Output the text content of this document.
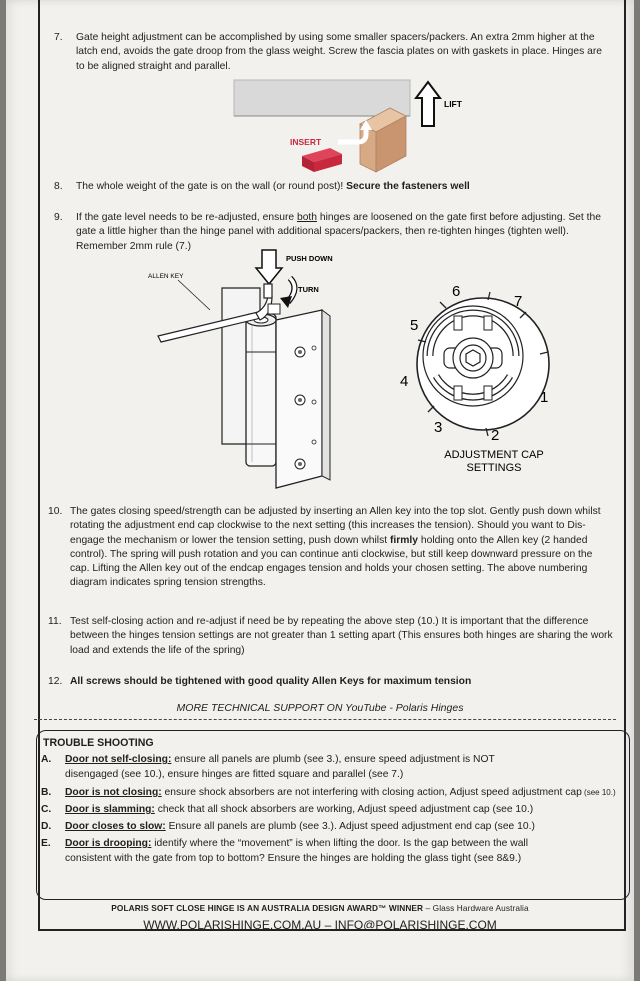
7. Gate height adjustment can be accomplished by using some smaller spacers/packers. An extra 2mm higher at the latch end, avoids the gate droop from the glass weight. Screw the fascia plates on with gaskets in place. Hinges are to be aligned straight and parallel.
LIFT
INSERT
8. The whole weight of the gate is on the wall (or round post)! Secure the fasteners well
9. If the gate level needs to be re-adjusted, ensure both hinges are loosened on the gate first before adjusting. Set the gate a little higher than the hinge panel with additional spacers/packers, then re-tighten hinges (tighten well). Remember 2mm rule (7.)
PUSH DOWN
TURN
ALLEN KEY
1
2
3
4
5
6
7
ADJUSTMENT CAP
SETTINGS
10. The gates closing speed/strength can be adjusted by inserting an Allen key into the top slot. Gently push down whilst rotating the adjustment end cap clockwise to the next setting (this increases the tension). Should you want to Dis-engage the mechanism or lower the tension setting, push down whilst firmly holding onto the Allen key (2 handed control). The spring will push rotation and you can continue anti clockwise, but still keep downward pressure on the cap. Lifting the Allen key out of the endcap engages tension and holds your chosen setting. The above numbering diagram indicates spring tension strengths.
11. Test self-closing action and re-adjust if need be by repeating the above step (10.) It is important that the difference between the hinges tension settings are not greater than 1 setting apart (This ensures both hinges are sharing the work load and extends the life of the spring)
12. All screws should be tightened with good quality Allen Keys for maximum tension
MORE TECHNICAL SUPPORT ON YouTube - Polaris Hinges
TROUBLE SHOOTING
A. Door not self-closing: ensure all panels are plumb (see 3.), ensure speed adjustment is NOT
disengaged (see 10.), ensure hinges are fitted square and parallel (see 7.)
B. Door is not closing: ensure shock absorbers are not interfering with closing action, Adjust speed adjustment cap (see 10.)
C. Door is slamming: check that all shock absorbers are working, Adjust speed adjustment cap (see 10.)
D. Door closes to slow: Ensure all panels are plumb (see 3.). Adjust speed adjustment end cap (see 10.)
E. Door is drooping: identify where the “movement” is when lifting the door. Is the gap between the wall
consistent with the gate from top to bottom? Ensure the hinges are holding the glass tight (see 8&9.)
POLARIS SOFT CLOSE HINGE IS AN AUSTRALIA DESIGN AWARD™ WINNER – Glass Hardware Australia
WWW.POLARISHINGE.COM.AU – INFO@POLARISHINGE.COM
